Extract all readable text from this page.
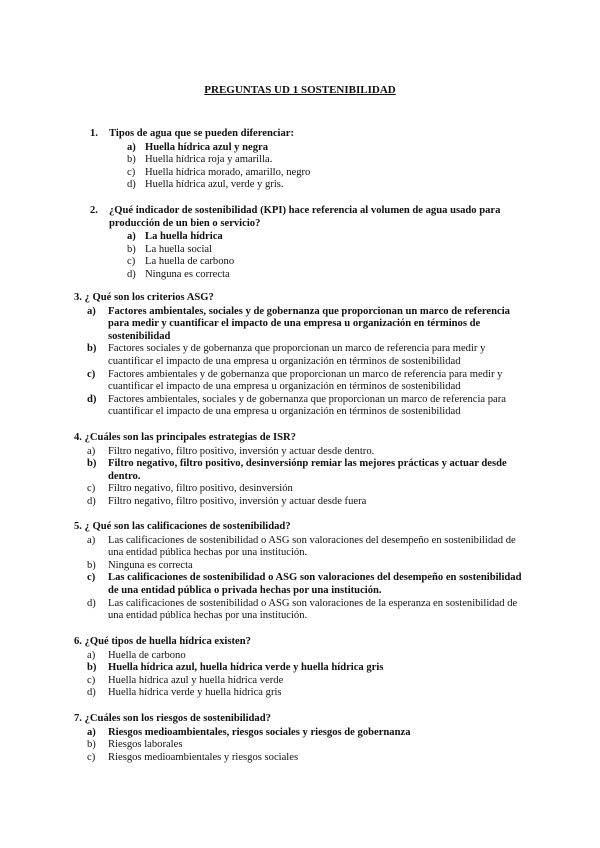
PREGUNTAS UD 1 SOSTENIBILIDAD
1.	Tipos de agua que se pueden diferenciar:
a) Huella hídrica azul y negra
b) Huella hídrica roja y amarilla.
c) Huella hídrica morado, amarillo, negro
d) Huella hídrica azul, verde y gris.
2.	¿Qué indicador de sostenibilidad (KPI) hace referencia al volumen de agua usado para producción de un bien o servicio?
a) La huella hídrica
b) La huella social
c) La huella de carbono
d) Ninguna es correcta
3. ¿ Qué son los criterios ASG?
a)	Factores ambientales, sociales y de gobernanza que proporcionan un marco de referencia para medir y cuantificar el impacto de una empresa u organización en términos de sostenibilidad
b)	Factores sociales y de gobernanza que proporcionan un marco de referencia para medir y cuantificar el impacto de una empresa u organización en términos de sostenibilidad
c)	Factores ambientales y de gobernanza que proporcionan un marco de referencia para medir y cuantificar el impacto de una empresa u organización en términos de sostenibilidad
d)	Factores ambientales, sociales y de gobernanza que proporcionan un marco de referencia para cuantificar el impacto de una empresa u organización en términos de sostenibilidad
4. ¿Cuáles son las principales estrategias de ISR?
a)	Filtro negativo, filtro positivo, inversión y actuar desde dentro.
b)	Filtro negativo, filtro positivo, desinversiónp remiar las mejores prácticas y actuar desde dentro.
c)	Filtro negativo, filtro positivo, desinversión
d)	Filtro negativo, filtro positivo, inversión y actuar desde fuera
5. ¿ Qué son las calificaciones de sostenibilidad?
a)	Las calificaciones de sostenibilidad o ASG son valoraciones del desempeño en sostenibilidad de una entidad pública hechas por una institución.
b)	Ninguna es correcta
c)	Las calificaciones de sostenibilidad o ASG son valoraciones del desempeño en sostenibilidad de una entidad pública o privada hechas por una institución.
d)	Las calificaciones de sostenibilidad o ASG son valoraciones de la esperanza en sostenibilidad de una entidad pública hechas por una institución.
6. ¿Qué tipos de huella hídrica existen?
a)	Huella de carbono
b)	Huella hídrica azul, huella hídrica verde y huella hídrica gris
c)	Huella hídrica azul y huella hídrica verde
d)	Huella hídrica verde y huella hídrica gris
7. ¿Cuáles son los riesgos de sostenibilidad?
a)	Riesgos medioambientales, riesgos sociales y riesgos de gobernanza
b)	Riesgos laborales
c)	Riesgos medioambientales y riesgos sociales
